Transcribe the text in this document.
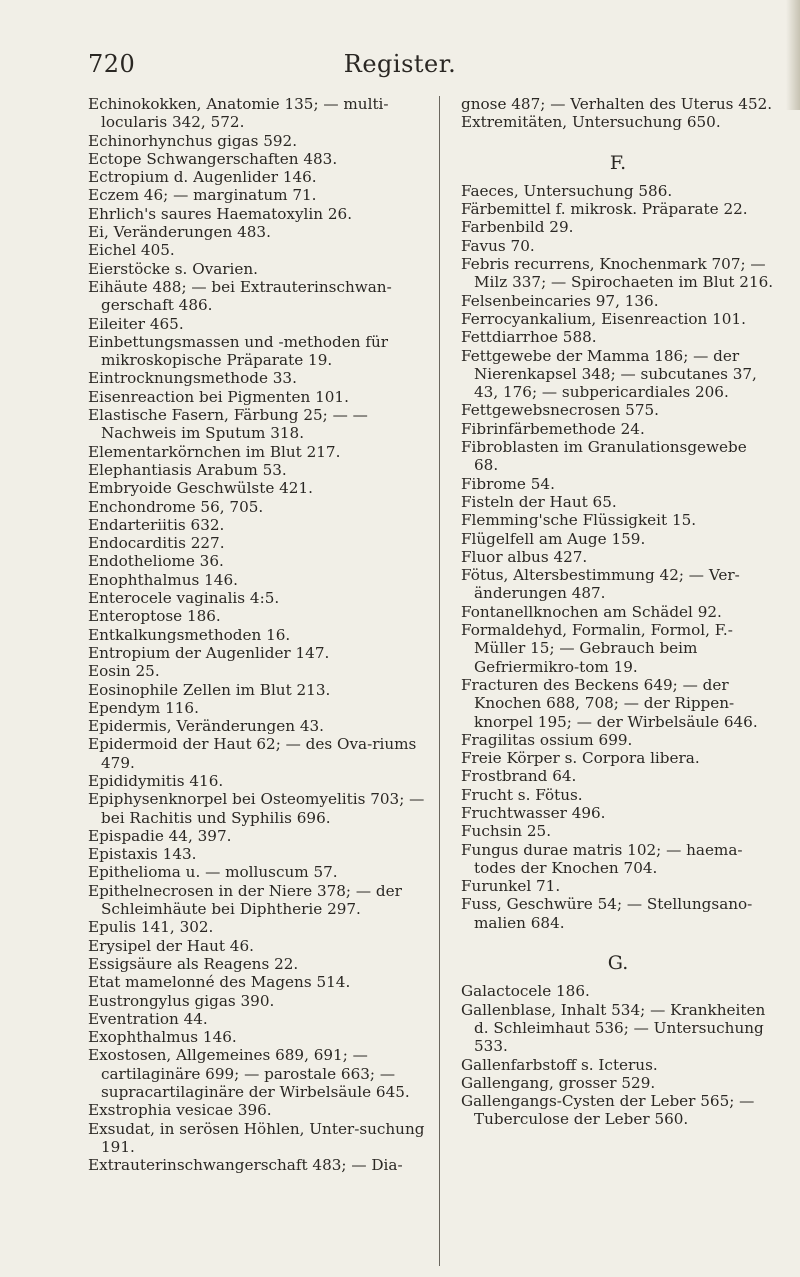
720	Register.

Echinokokken, Anatomie 135; — multi-locularis 342, 572.

Echinorhynchus gigas 592.

Ectope Schwangerschaften 483.

Ectropium d. Augenlider 146.

Eczem 46; — marginatum 71.

Ehrlich's saures Haematoxylin 26.

Ei, Veränderungen 483.

Eichel 405.

Eierstöcke s. Ovarien.

Eihäute 488; — bei Extrauterinschwan-gerschaft 486.

Eileiter 465.

Einbettungsmassen und -methoden für mikroskopische Präparate 19.

Eintrocknungsmethode 33.

Eisenreaction bei Pigmenten 101.

Elastische Fasern, Färbung 25; — — Nachweis im Sputum 318.

Elementarkörnchen im Blut 217.

Elephantiasis Arabum 53.

Embryoide Geschwülste 421.

Enchondrome 56, 705.

Endarteriitis 632.

Endocarditis 227.

Endotheliome 36.

Enophthalmus 146.

Enterocele vaginalis 4:5.

Enteroptose 186.

Entkalkungsmethoden 16.

Entropium der Augenlider 147.

Eosin 25.

Eosinophile Zellen im Blut 213.

Ependym 116.

Epidermis, Veränderungen 43.

Epidermoid der Haut 62; — des Ova-riums 479.

Epididymitis 416.

Epiphysenknorpel bei Osteomyelitis 703; — bei Rachitis und Syphilis 696.

Epispadie 44, 397.

Epistaxis 143.

Epithelioma u. — molluscum 57.

Epithelnecrosen in der Niere 378; — der Schleimhäute bei Diphtherie 297.

Epulis 141, 302.

Erysipel der Haut 46.

Essigsäure als Reagens 22.

Etat mamelonné des Magens 514.

Eustrongylus gigas 390.

Eventration 44.

Exophthalmus 146.

Exostosen, Allgemeines 689, 691; — cartilaginäre 699; — parostale 663; — supracartilaginäre der Wirbelsäule 645.

Exstrophia vesicae 396.

Exsudat, in serösen Höhlen, Unter-suchung 191.

Extrauterinschwangerschaft 483; — Dia-

gnose 487; — Verhalten des Uterus 452.

Extremitäten, Untersuchung 650.

F.

Faeces, Untersuchung 586.

Färbemittel f. mikrosk. Präparate 22.

Farbenbild 29.

Favus 70.

Febris recurrens, Knochenmark 707; — Milz 337; — Spirochaeten im Blut 216.

Felsenbeincaries 97, 136.

Ferrocyankalium, Eisenreaction 101.

Fettdiarrhoe 588.

Fettgewebe der Mamma 186; — der Nierenkapsel 348; — subcutanes 37, 43, 176; — subpericardiales 206.

Fettgewebsnecrosen 575.

Fibrinfärbemethode 24.

Fibroblasten im Granulationsgewebe 68.

Fibrome 54.

Fisteln der Haut 65.

Flemming'sche Flüssigkeit 15.

Flügelfell am Auge 159.

Fluor albus 427.

Fötus, Altersbestimmung 42; — Ver-änderungen 487.

Fontanellknochen am Schädel 92.

Formaldehyd, Formalin, Formol, F.-Müller 15; — Gebrauch beim Gefriermikro-tom 19.

Fracturen des Beckens 649; — der Knochen 688, 708; — der Rippen-knorpel 195; — der Wirbelsäule 646.

Fragilitas ossium 699.

Freie Körper s. Corpora libera.

Frostbrand 64.

Frucht s. Fötus.

Fruchtwasser 496.

Fuchsin 25.

Fungus durae matris 102; — haema-todes der Knochen 704.

Furunkel 71.

Fuss, Geschwüre 54; — Stellungsano-malien 684.

G.

Galactocele 186.

Gallenblase, Inhalt 534; — Krankheiten d. Schleimhaut 536; — Untersuchung 533.

Gallenfarbstoff s. Icterus.

Gallengang, grosser 529.

Gallengangs-Cysten der Leber 565; — Tuberculose der Leber 560.
